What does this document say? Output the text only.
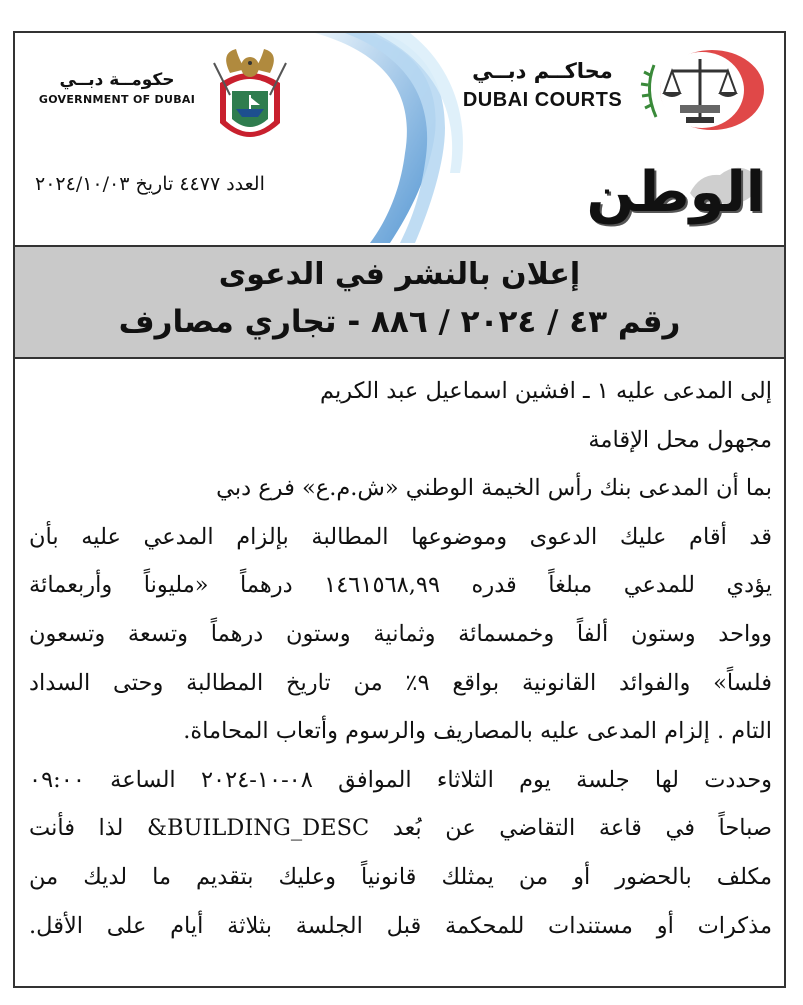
حكومــة دبــي
GOVERNMENT OF DUBAI
محاكــم دبــي
DUBAI COURTS
الوطن
العدد ٤٤٧٧ تاريخ ٢٠٢٤/١٠/٠٣
إعلان بالنشر في الدعوى
رقم ٤٣ / ٢٠٢٤ / ٨٨٦ - تجاري مصارف

إلى المدعى عليه ١ ـ افشين اسماعيل عبد الكريم

مجهول محل الإقامة

بما أن المدعى بنك رأس الخيمة الوطني «ش.م.ع» فرع دبي

قد أقام عليك الدعوى وموضوعها المطالبة بإلزام المدعي عليه بأن

يؤدي للمدعي مبلغاً قدره ١٤٦١٥٦٨,٩٩ درهماً «مليوناً وأربعمائة

وواحد وستون ألفاً وخمسمائة وثمانية وستون درهماً وتسعة وتسعون

فلساً» والفوائد القانونية بواقع ٩٪ من تاريخ المطالبة وحتى السداد

التام . إلزام المدعى عليه بالمصاريف والرسوم وأتعاب المحاماة.

وحددت لها جلسة يوم الثلاثاء الموافق ٠٨-١٠-٢٠٢٤ الساعة ٠٩:٠٠

صباحاً في قاعة التقاضي عن بُعد BUILDING_DESC& لذا فأنت

مكلف بالحضور أو من يمثلك قانونياً وعليك بتقديم ما لديك من

مذكرات أو مستندات للمحكمة قبل الجلسة بثلاثة أيام على الأقل.
